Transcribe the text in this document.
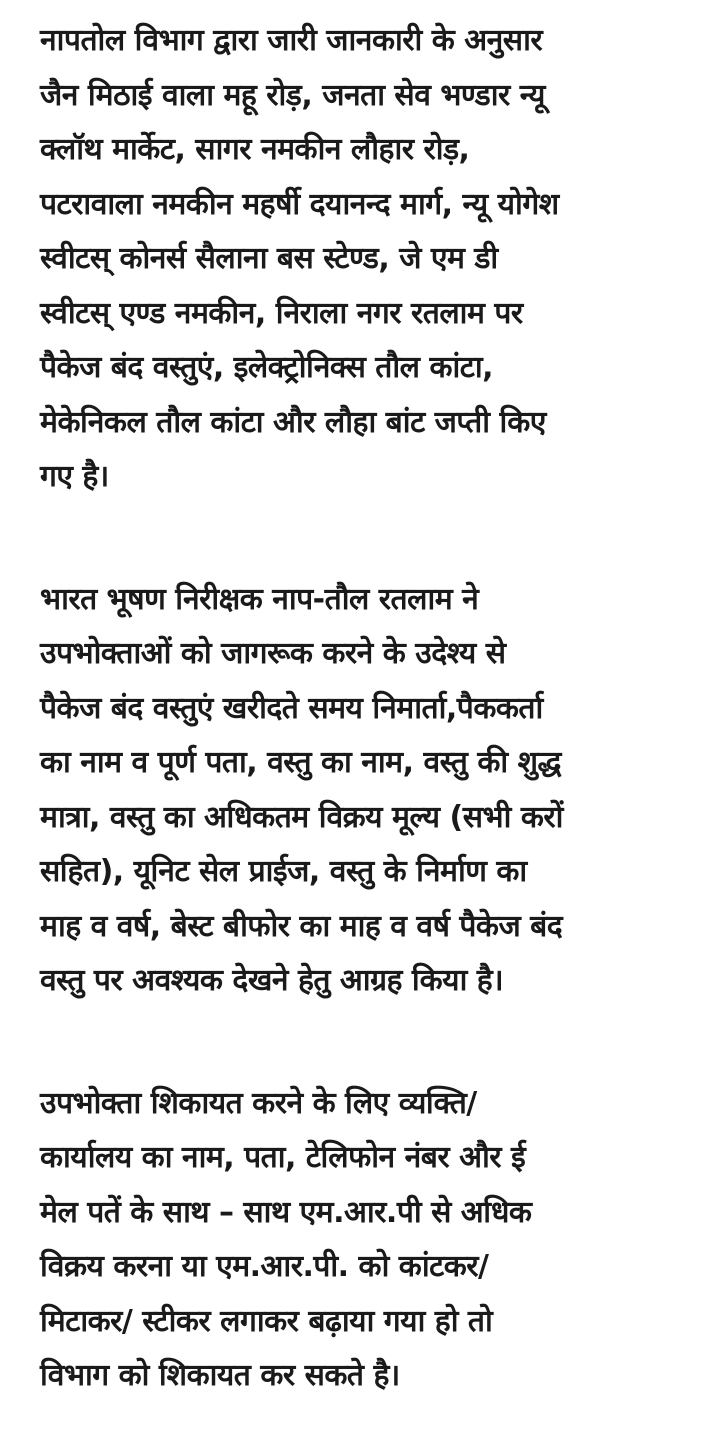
नापतोल विभाग द्वारा जारी जानकारी के अनुसार
जैन मिठाई वाला महू रोड़, जनता सेव भण्डार न्यू
क्लॉथ मार्केट, सागर नमकीन लौहार रोड़,
पटरावाला नमकीन महर्षी दयानन्द मार्ग, न्यू योगेश
स्वीटस् कोनर्स सैलाना बस स्टेण्ड, जे एम डी
स्वीटस् एण्ड नमकीन, निराला नगर रतलाम पर
पैकेज बंद वस्तुएं, इलेक्ट्रोनिक्स तौल कांटा,
मेकेनिकल तौल कांटा और लौहा बांट जप्ती किए
गए है।
भारत भूषण निरीक्षक नाप-तौल रतलाम ने
उपभोक्ताओं को जागरूक करने के उदेश्य से
पैकेज बंद वस्तुएं खरीदते समय निमार्ता,पैककर्ता
का नाम व पूर्ण पता, वस्तु का नाम, वस्तु की शुद्ध
मात्रा, वस्तु का अधिकतम विक्रय मूल्य (सभी करों
सहित), यूनिट सेल प्राईज, वस्तु के निर्माण का
माह व वर्ष, बेस्ट बीफोर का माह व वर्ष पैकेज बंद
वस्तु पर अवश्यक देखने हेतु आग्रह किया है।
उपभोक्ता शिकायत करने के लिए व्यक्ति/
कार्यालय का नाम, पता, टेलिफोन नंबर और ई
मेल पतें के साथ – साथ एम.आर.पी से अधिक
विक्रय करना या एम.आर.पी. को कांटकर/
मिटाकर/ स्टीकर लगाकर बढ़ाया गया हो तो
विभाग को शिकायत कर सकते है।
